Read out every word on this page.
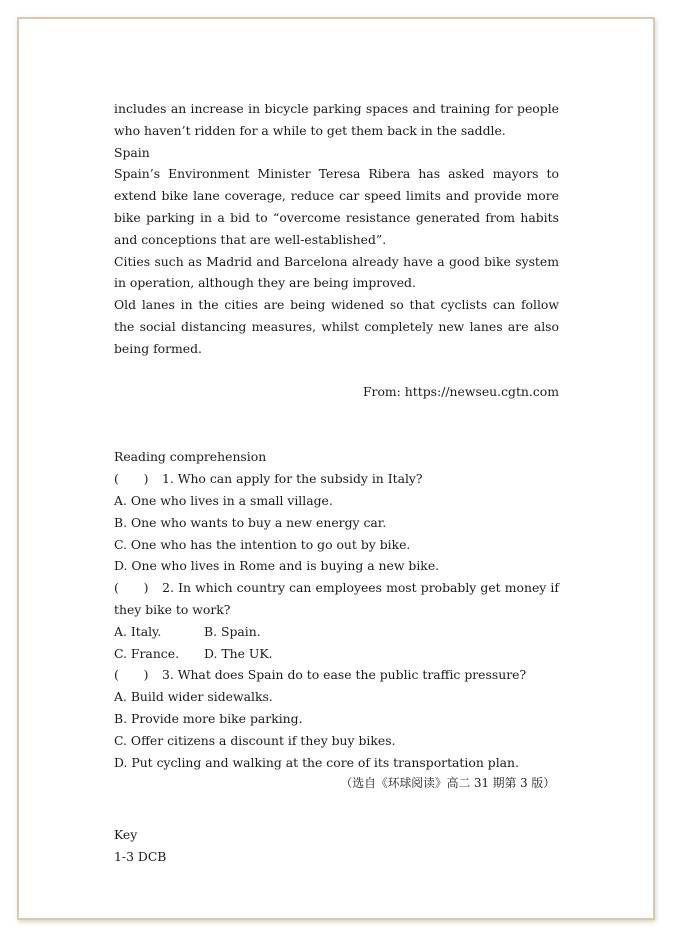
includes an increase in bicycle parking spaces and training for people who haven’t ridden for a while to get them back in the saddle.

Spain

Spain’s Environment Minister Teresa Ribera has asked mayors to extend bike lane coverage, reduce car speed limits and provide more bike parking in a bid to “overcome resistance generated from habits and conceptions that are well-established”.

Cities such as Madrid and Barcelona already have a good bike system in operation, although they are being improved.

Old lanes in the cities are being widened so that cyclists can follow the social distancing measures, whilst completely new lanes are also being formed.

From: https://newseu.cgtn.com

Reading comprehension

(　　) 1. Who can apply for the subsidy in Italy?

A. One who lives in a small village.

B. One who wants to buy a new energy car.

C. One who has the intention to go out by bike.

D. One who lives in Rome and is buying a new bike.

(　　) 2. In which country can employees most probably get money if they bike to work?

A. Italy.	B. Spain.
C. France.	D. The UK.

(　　) 3. What does Spain do to ease the public traffic pressure?

A. Build wider sidewalks.

B. Provide more bike parking.

C. Offer citizens a discount if they buy bikes.

D. Put cycling and walking at the core of its transportation plan.

（选自《环球阅读》高二 31 期第 3 版）

Key

1-3 DCB
